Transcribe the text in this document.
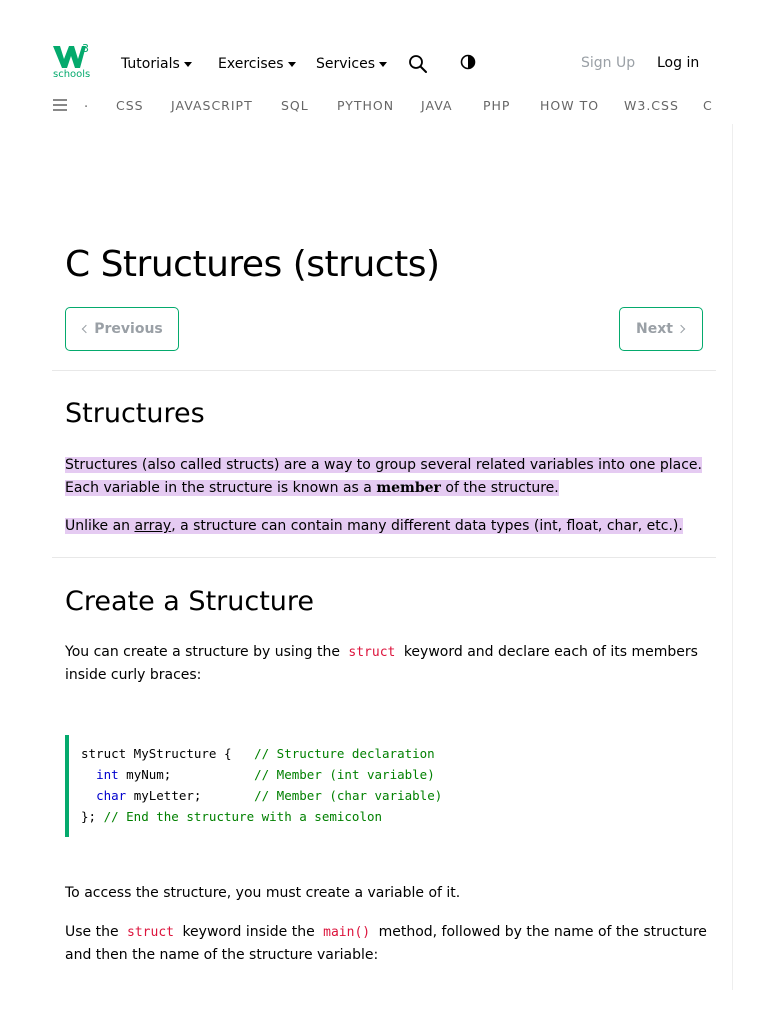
3
schools
Tutorials	Exercises Services	Sign Up Log in
. CSS JAVASCRIPT SQL PYTHON JAVA PHP HOW TO W3.CSS C
C Structures (structs)
Previous	Next
Structures

Structures (also called structs) are a way to group several related variables into one place. Each variable in the structure is known as a member of the structure.

Unlike an array, a structure can contain many different data types (int, float, char, etc.).

Create a Structure

You can create a structure by using the struct keyword and declare each of its members inside curly braces:

struct MyStructure {   // Structure declaration
int myNum;           // Member (int variable)
char myLetter;       // Member (char variable)
}; // End the structure with a semicolon

To access the structure, you must create a variable of it.

Use the struct keyword inside the main() method, followed by the name of the structure and then the name of the structure variable:
